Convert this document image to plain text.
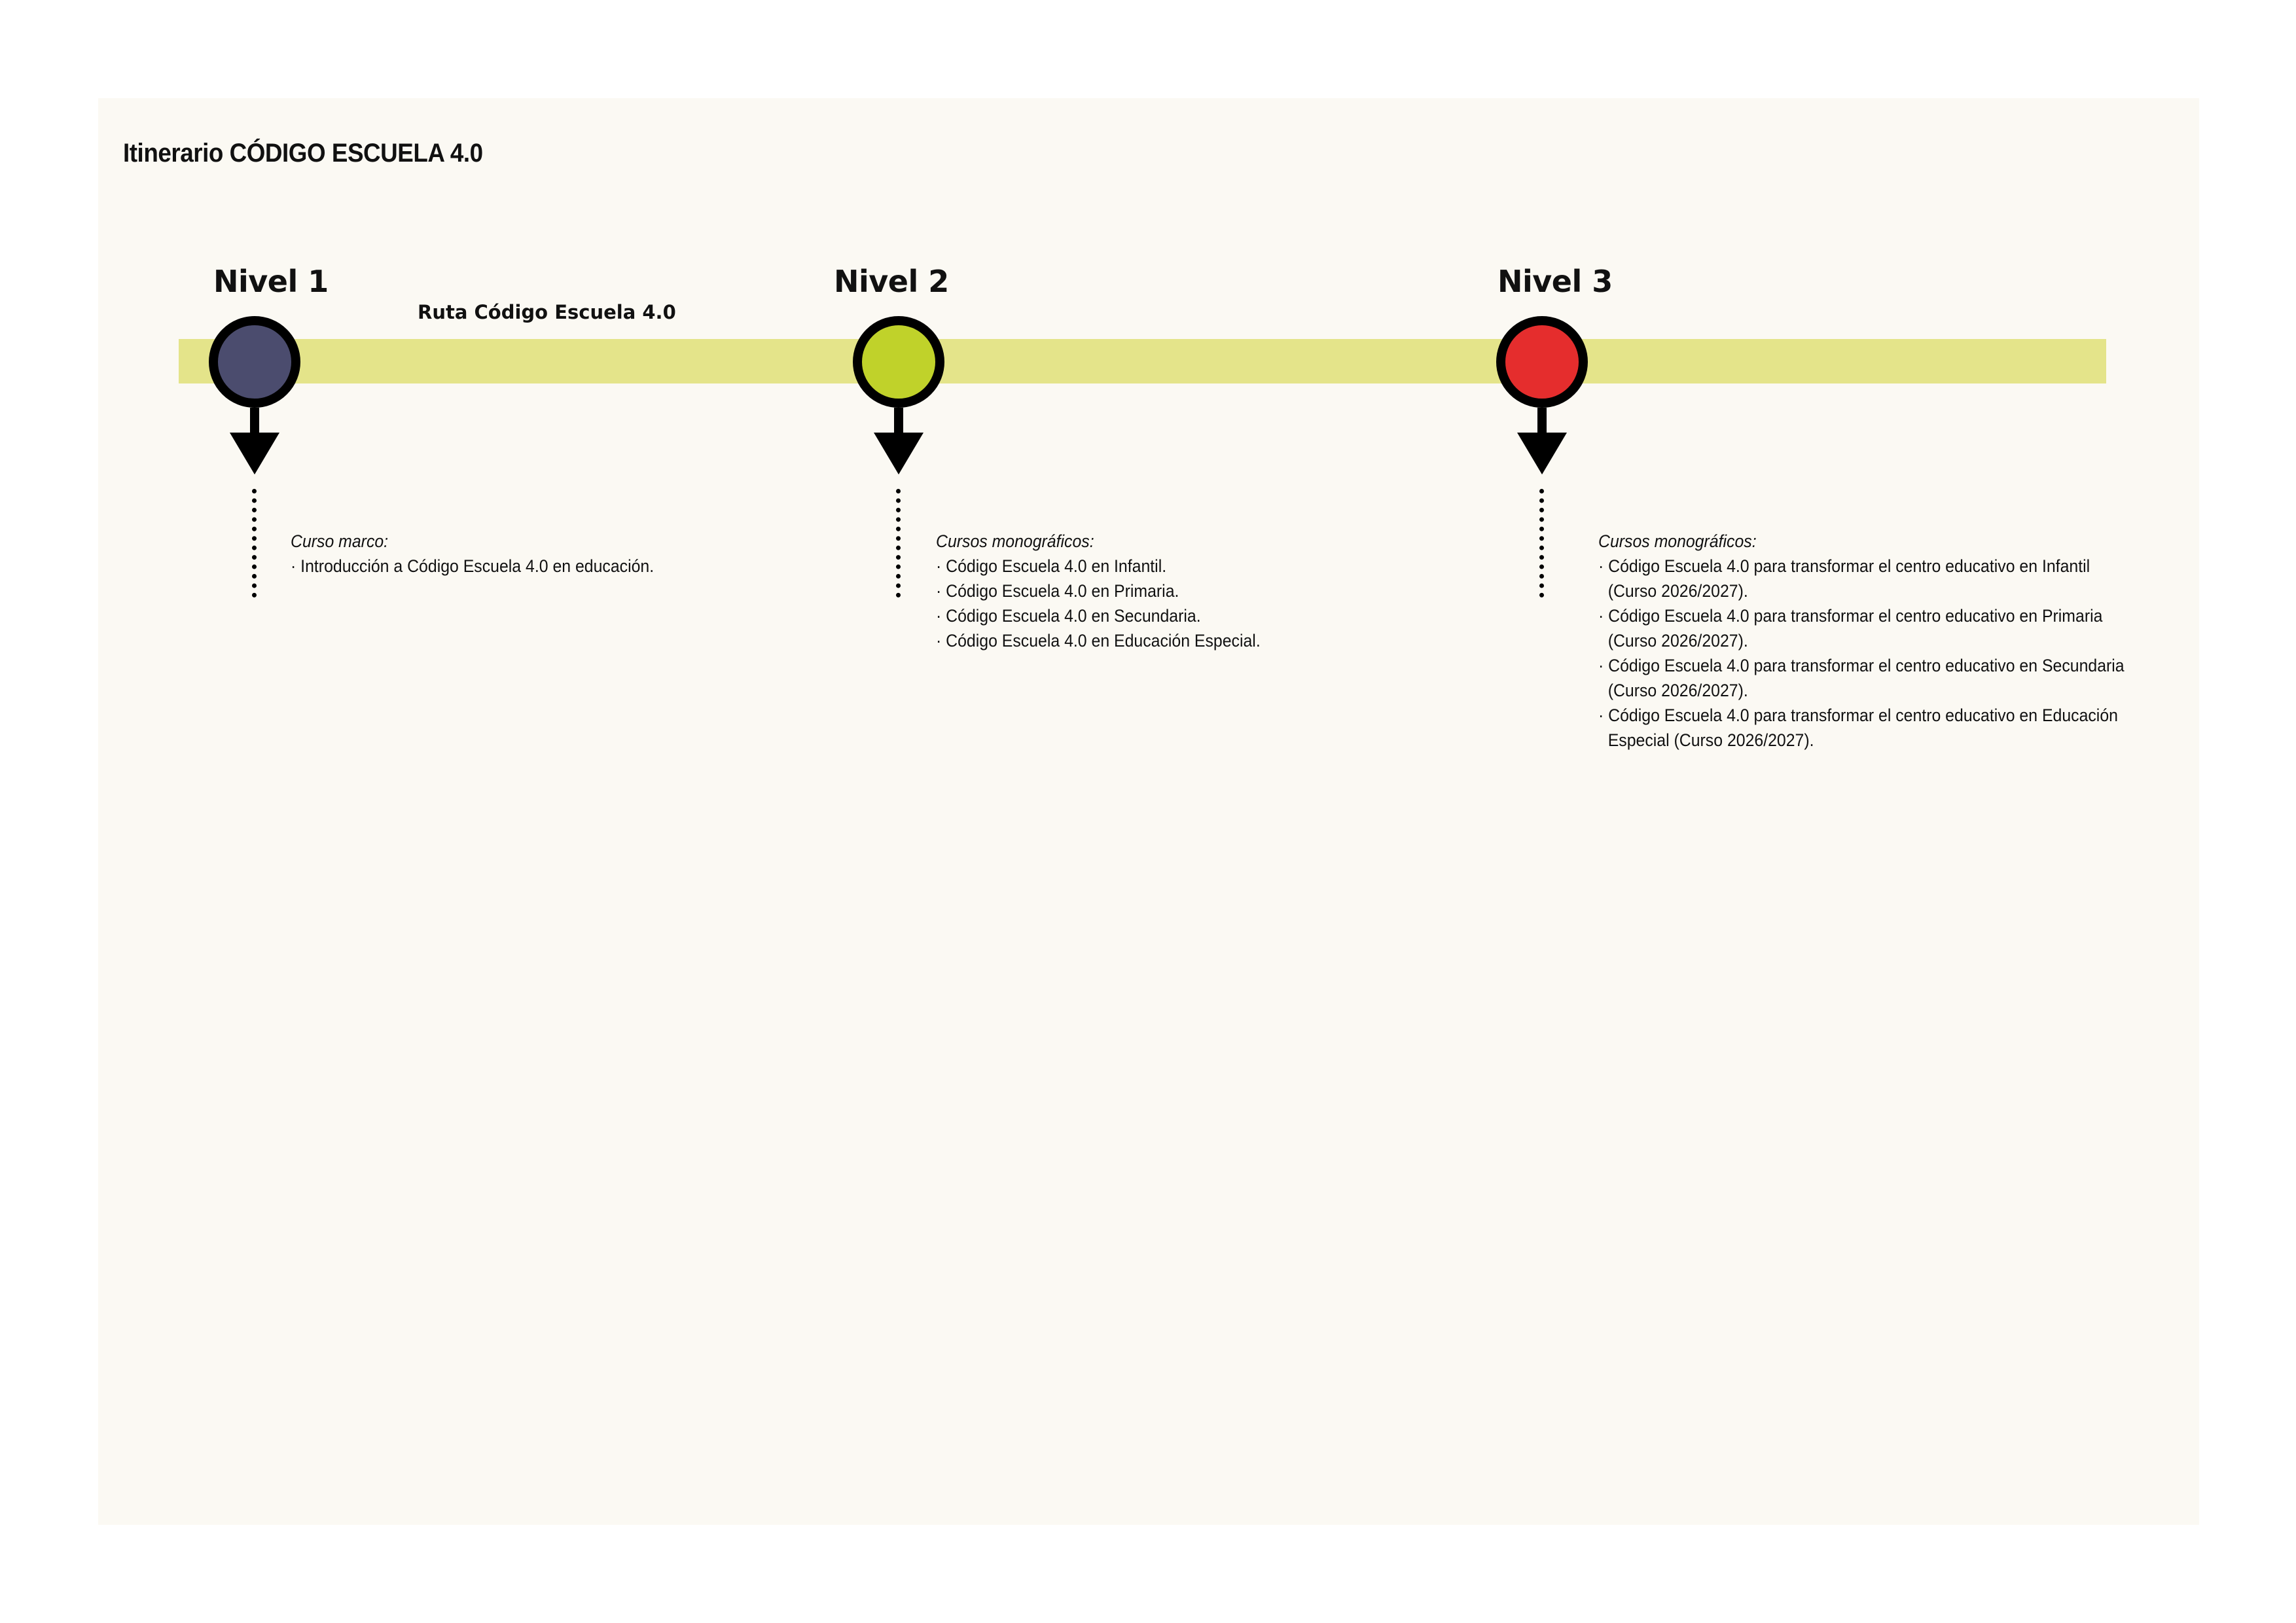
Itinerario CÓDIGO ESCUELA 4.0
Ruta Código Escuela 4.0
Nivel 1
Curso marco:
· Introducción a Código Escuela 4.0 en educación.
Nivel 2
Cursos monográficos:
· Código Escuela 4.0 en Infantil.
· Código Escuela 4.0 en Primaria.
· Código Escuela 4.0 en Secundaria.
· Código Escuela 4.0 en Educación Especial.
Nivel 3
Cursos monográficos:
· Código Escuela 4.0 para transformar el centro educativo en Infantil (Curso 2026/2027).
· Código Escuela 4.0 para transformar el centro educativo en Primaria (Curso 2026/2027).
· Código Escuela 4.0 para transformar el centro educativo en Secundaria (Curso 2026/2027).
· Código Escuela 4.0 para transformar el centro educativo en Educación Especial (Curso 2026/2027).
